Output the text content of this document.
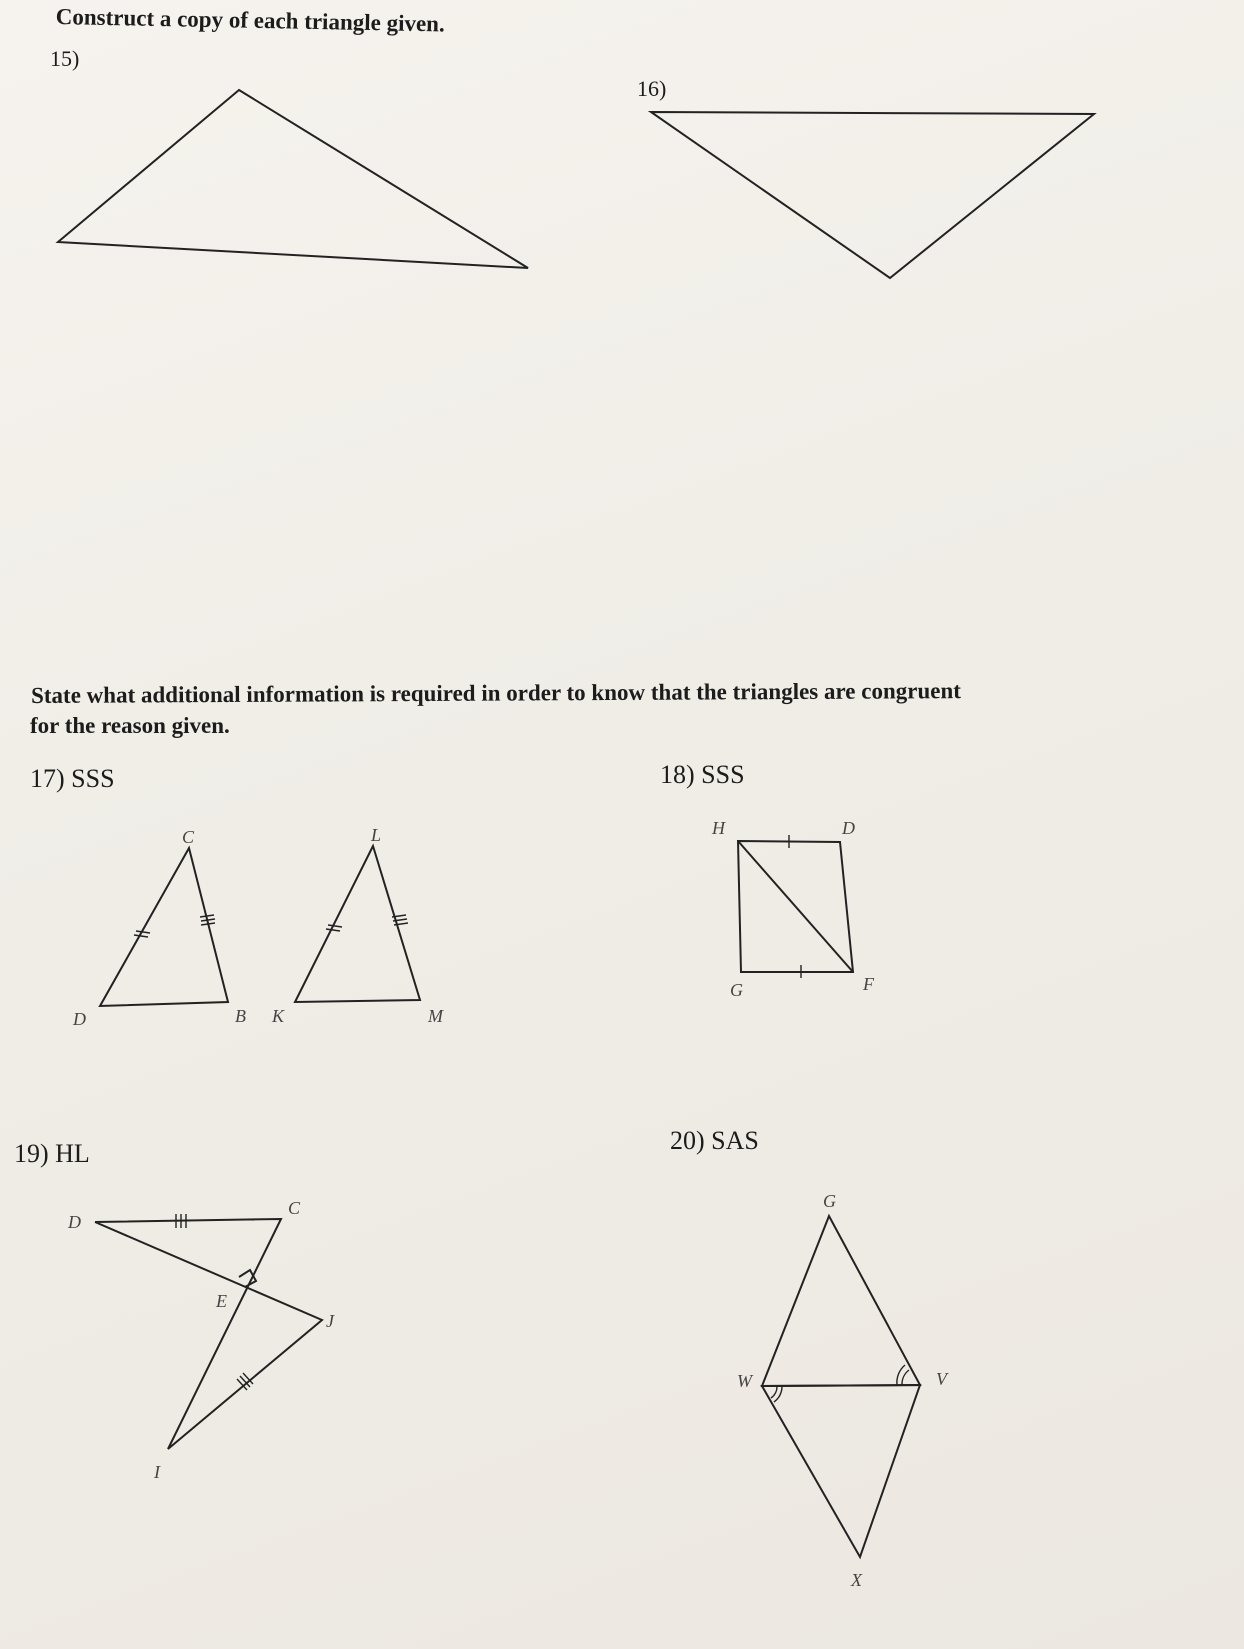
Construct a copy of each triangle given.
15)
16)
State what additional information is required in order to know that the triangles are congruent
for the reason given.
17) SSS	18) SSS
19) HL	20) SAS
C
D	B K
L
M
H	D
G	F
D
C
E
J
I
G
W	V
X
